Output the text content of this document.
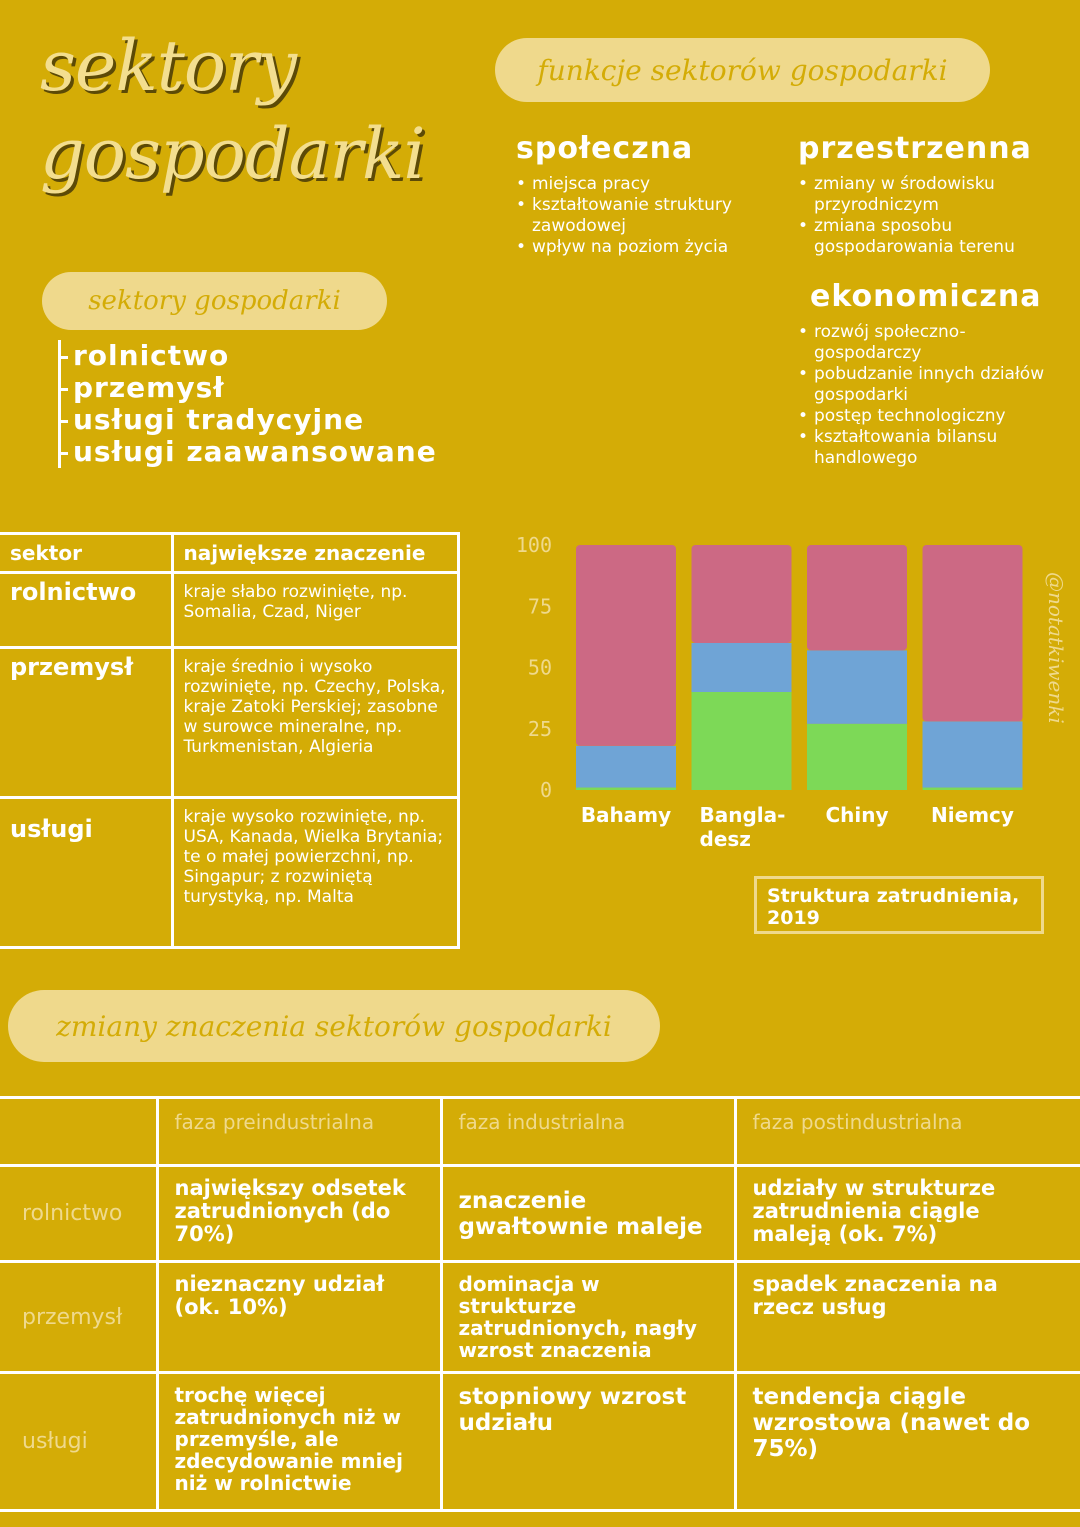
sektory
gospodarki
funkcje sektorów gospodarki
społeczna
• miejsca pracy
• kształtowanie struktury zawodowej
• wpływ na poziom życia
przestrzenna
• zmiany w środowisku przyrodniczym
• zmiana sposobu gospodarowania terenu
ekonomiczna
• rozwój społeczno-gospodarczy
• pobudzanie innych działów gospodarki
• postęp technologiczny
• kształtowania bilansu handlowego
sektory gospodarki
rolnictwo
przemysł
usługi tradycyjne
usługi zaawansowane
sektor	największe znaczenie
rolnictwo	kraje słabo rozwinięte, np. Somalia, Czad, Niger
przemysł	kraje średnio i wysoko rozwinięte, np. Czechy, Polska, kraje Zatoki Perskiej; zasobne w surowce mineralne, np. Turkmenistan, Algieria
usługi	kraje wysoko rozwinięte, np. USA, Kanada, Wielka Brytania; te o małej powierzchni, np. Singapur; z rozwiniętą turystyką, np. Malta
0
25
50
75
100
Bahamy Bangla-
desz
Chiny Niemcy
Struktura zatrudnienia, 2019
@notatkiwenki
zmiany znaczenia sektorów gospodarki
	faza preindustrialna	faza industrialna	faza postindustrialna
rolnictwo	największy odsetek zatrudnionych (do 70%)	znaczenie gwałtownie maleje	udziały w strukturze zatrudnienia ciągle maleją (ok. 7%)
przemysł	nieznaczny udział (ok. 10%)	dominacja w strukturze zatrudnionych, nagły wzrost znaczenia	spadek znaczenia na rzecz usług
usługi	trochę więcej zatrudnionych niż w przemyśle, ale zdecydowanie mniej niż w rolnictwie	stopniowy wzrost udziału	tendencja ciągle wzrostowa (nawet do 75%)
